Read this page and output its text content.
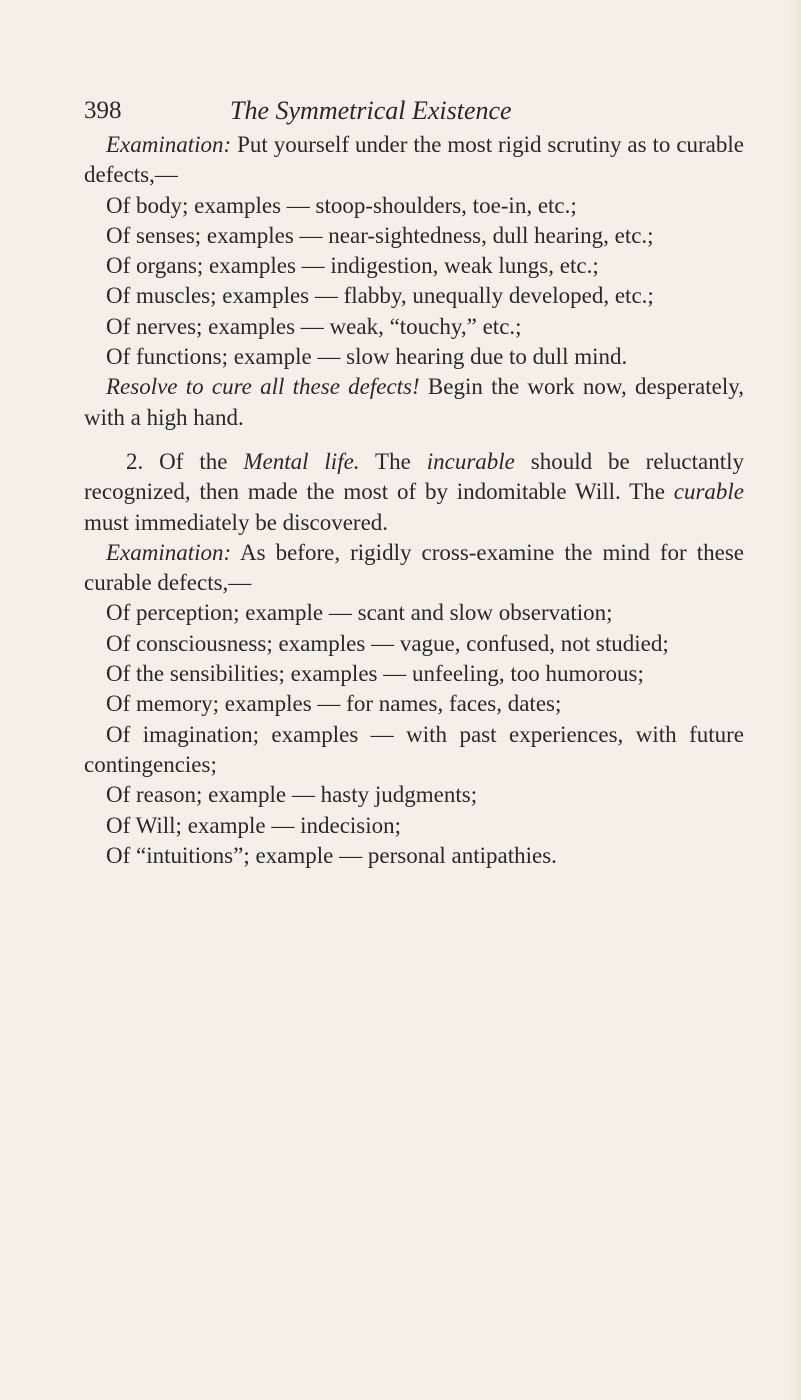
398	The Symmetrical Existence

Examination: Put yourself under the most rigid scrutiny as to curable defects,—

Of body; examples — stoop-shoulders, toe-in, etc.;

Of senses; examples — near-sightedness, dull hearing, etc.;

Of organs; examples — indigestion, weak lungs, etc.;

Of muscles; examples — flabby, unequally developed, etc.;

Of nerves; examples — weak, “touchy,” etc.;

Of functions; example — slow hearing due to dull mind.

Resolve to cure all these defects! Begin the work now, desperately, with a high hand.

2. Of the Mental life. The incurable should be reluctantly recognized, then made the most of by indomitable Will. The curable must immediately be discovered.

Examination: As before, rigidly cross-examine the mind for these curable defects,—

Of perception; example — scant and slow observation;

Of consciousness; examples — vague, confused, not studied;

Of the sensibilities; examples — unfeeling, too humorous;

Of memory; examples — for names, faces, dates;

Of imagination; examples — with past experiences, with future contingencies;

Of reason; example — hasty judgments;

Of Will; example — indecision;

Of “intuitions”; example — personal antipathies.
